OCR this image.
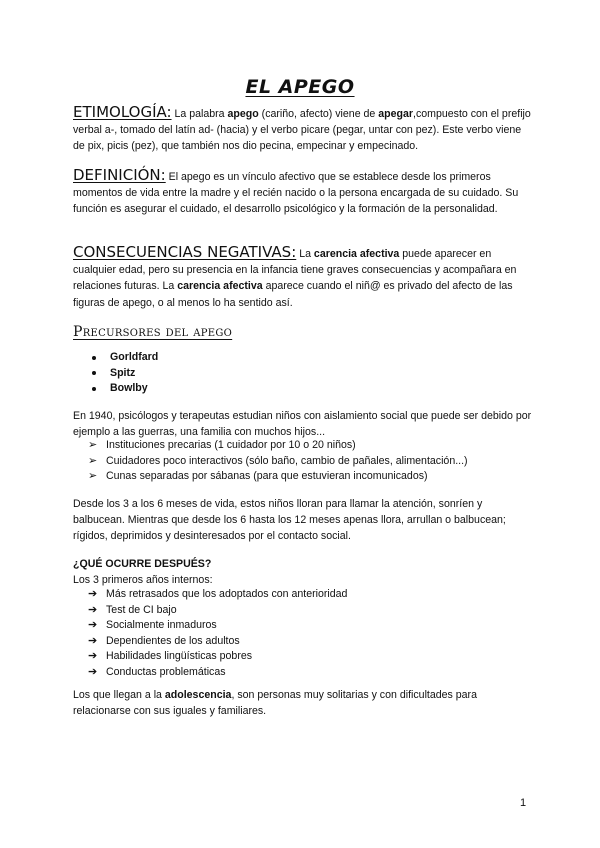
EL APEGO

ETIMOLOGÍA: La palabra apego (cariño, afecto) viene de apegar,compuesto con el prefijo verbal a-, tomado del latín ad- (hacia) y el verbo picare (pegar, untar con pez). Este verbo viene de pix, picis (pez), que también nos dio pecina, empecinar y empecinado.

DEFINICIÓN: El apego es un vínculo afectivo que se establece desde los primeros momentos de vida entre la madre y el recién nacido o la persona encargada de su cuidado. Su función es asegurar el cuidado, el desarrollo psicológico y la formación de la personalidad.

CONSECUENCIAS NEGATIVAS: La carencia afectiva puede aparecer en cualquier edad, pero su presencia en la infancia tiene graves consecuencias y acompañara en relaciones futuras. La carencia afectiva aparece cuando el niñ@ es privado del afecto de las figuras de apego, o al menos lo ha sentido así.

Precursores del apego
Gorldfard
Spitz
Bowlby

En 1940, psicólogos y terapeutas estudian niños con aislamiento social que puede ser debido por ejemplo a las guerras, una familia con muchos hijos...

➢ Instituciones precarias (1 cuidador por 10 o 20 niños)
➢ Cuidadores poco interactivos (sólo baño, cambio de pañales, alimentación...)
➢ Cunas separadas por sábanas (para que estuvieran incomunicados)

Desde los 3 a los 6 meses de vida, estos niños lloran para llamar la atención, sonríen y balbucean. Mientras que desde los 6 hasta los 12 meses apenas llora, arrullan o balbucean; rígidos, deprimidos y desinteresados por el contacto social.

¿QUÉ OCURRE DESPUÉS?

Los 3 primeros años internos:

➔ Más retrasados que los adoptados con anterioridad
➔ Test de CI bajo
➔ Socialmente inmaduros
➔ Dependientes de los adultos
➔ Habilidades lingüísticas pobres
➔ Conductas problemáticas

Los que llegan a la adolescencia, son personas muy solitarias y con dificultades para relacionarse con sus iguales y familiares.

1
